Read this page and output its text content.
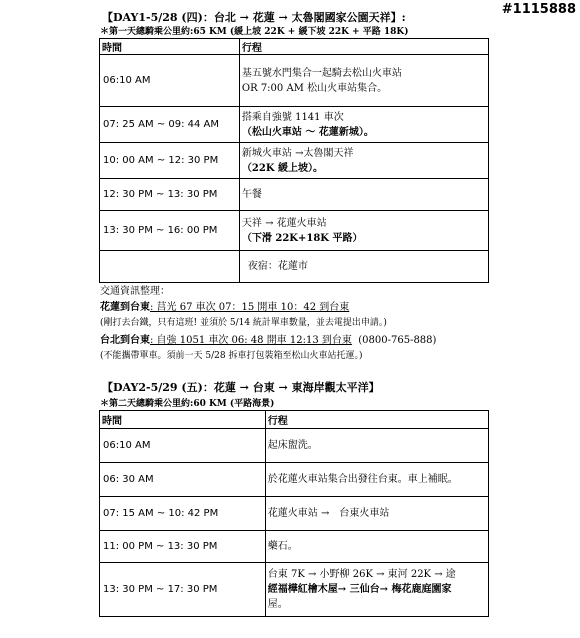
#1115888
【DAY1-5/28 (四)：台北 → 花蓮 → 太魯閣國家公園天祥】:
＊第一天總騎乘公里約:65 KM (緩上坡 22K + 緩下坡 22K + 平路 18K)
時間	行程
06:10 AM	基五號水門集合一起騎去松山火車站
OR 7:00 AM 松山火車站集合。

07: 25 AM ~ 09: 44 AM	搭乘自強號 1141 車次
（松山火車站 ～ 花蓮新城）。

10: 00 AM ~ 12: 30 PM	新城火車站 →太魯閣天祥
（22K 緩上坡）。

12: 30 PM ~ 13: 30 PM	午餐

13: 30 PM ~ 16: 00 PM	天祥 → 花蓮火車站
（下滑 22K+18K 平路）

	夜宿：花蓮市
交通資訊整理：
花蓮到台東: 莒光 67 車次 07：15 開車 10：42 到台東
(剛打去台鐵，只有這班! 並須於 5/14 統計單車數量，並去電提出申請。)
台北到台東: 自強 1051 車次 06: 48 開車 12:13 到台東 (0800-765-888)
(不能攜帶單車。須前一天 5/28 拆車打包裝箱至松山火車站托運。)
【DAY2-5/29 (五)：花蓮 → 台東 → 東海岸觀太平洋】
＊第二天總騎乘公里約:60 KM (平路海景)
時間	行程
06:10 AM	起床盥洗。

06: 30 AM	於花蓮火車站集合出發往台東。車上補眠。

07: 15 AM ~ 10: 42 PM	花蓮火車站 →　台東火車站

11: 00 PM ~ 13: 30 PM	藥石。

13: 30 PM ~ 17: 30 PM	台東 7K → 小野柳 26K → 東河 22K → 途
經福樺紅檜木屋→ 三仙台→ 梅花鹿庭園家
屋。
